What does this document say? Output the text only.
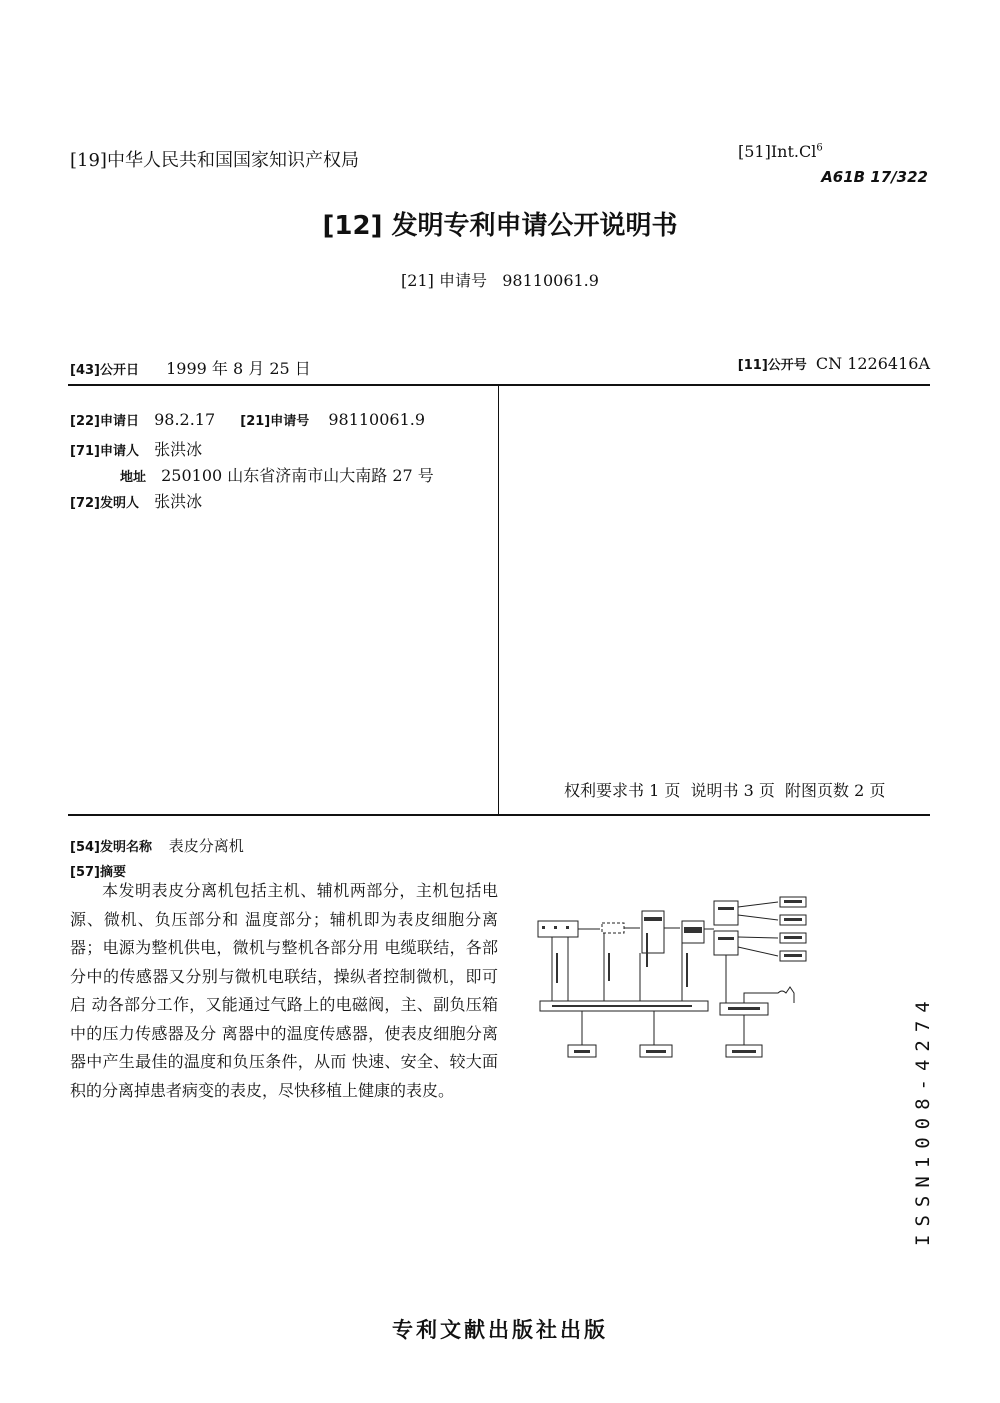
[19]中华人民共和国国家知识产权局	[51]Int.Cl$^6$
A61B 17/322
[12] 发明专利申请公开说明书
[21] 申请号   98110061.9
[43]公开日 1999 年 8 月 25 日	[11]公开号 CN 1226416A
[22]申请日 98.2.17 [21]申请号 98110061.9
[71]申请人 张洪冰
地址 250100 山东省济南市山大南路 27 号
[72]发明人 张洪冰
权利要求书 1 页  说明书 3 页  附图页数 2 页
[54]发明名称 表皮分离机
[57]摘要
本发明表皮分离机包括主机、辅机两部分，主机包括电源、微机、负压部分和 温度部分；辅机即为表皮细胞分离器；电源为整机供电，微机与整机各部分用 电缆联结，各部分中的传感器又分别与微机电联结，操纵者控制微机，即可启 动各部分工作，又能通过气路上的电磁阀，主、副负压箱中的压力传感器及分 离器中的温度传感器，使表皮细胞分离器中产生最佳的温度和负压条件，从而 快速、安全、较大面积的分离掉患者病变的表皮，尽快移植上健康的表皮。	ISSN1008-4274
专利文献出版社出版
